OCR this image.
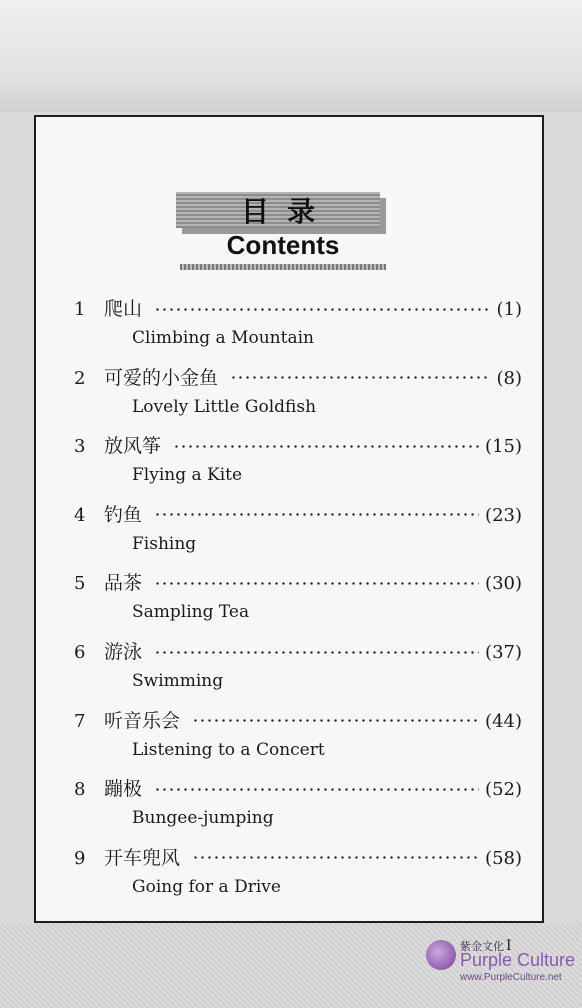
目录
Contents
1 爬山	(1)
Climbing a Mountain
2 可爱的小金鱼	(8)
Lovely Little Goldfish
3 放风筝	(15)
Flying a Kite
4 钓鱼	(23)
Fishing
5 品茶	(30)
Sampling Tea
6 游泳	(37)
Swimming
7 听音乐会	(44)
Listening to a Concert
8 蹦极	(52)
Bungee-jumping
9 开车兜风	(58)
Going for a Drive
紫金文化 I
Purple Culture
www.PurpleCulture.net
